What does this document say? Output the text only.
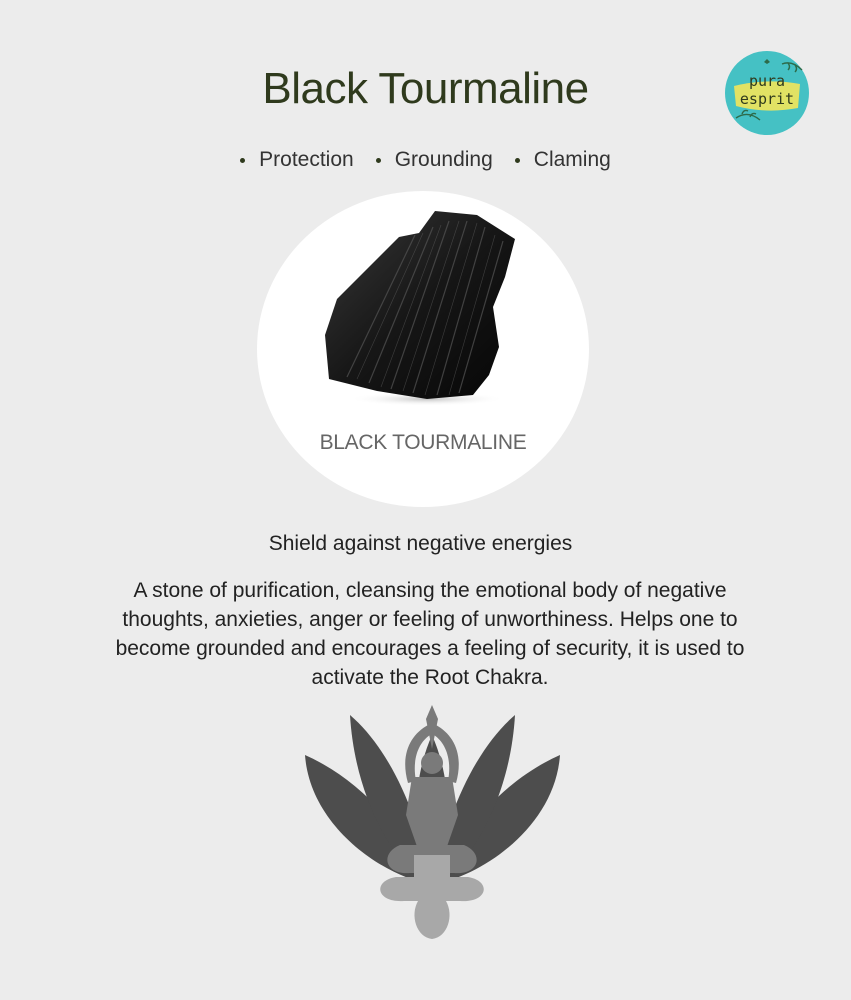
Black Tourmaline
Protection	Grounding	Claming
pura
esprit
BLACK TOURMALINE
Shield against negative energies

A stone of purification, cleansing the emotional body of negative thoughts, anxieties, anger or feeling of unworthiness. Helps one to become grounded and encourages a feeling of security, it is used to activate the Root Chakra.
